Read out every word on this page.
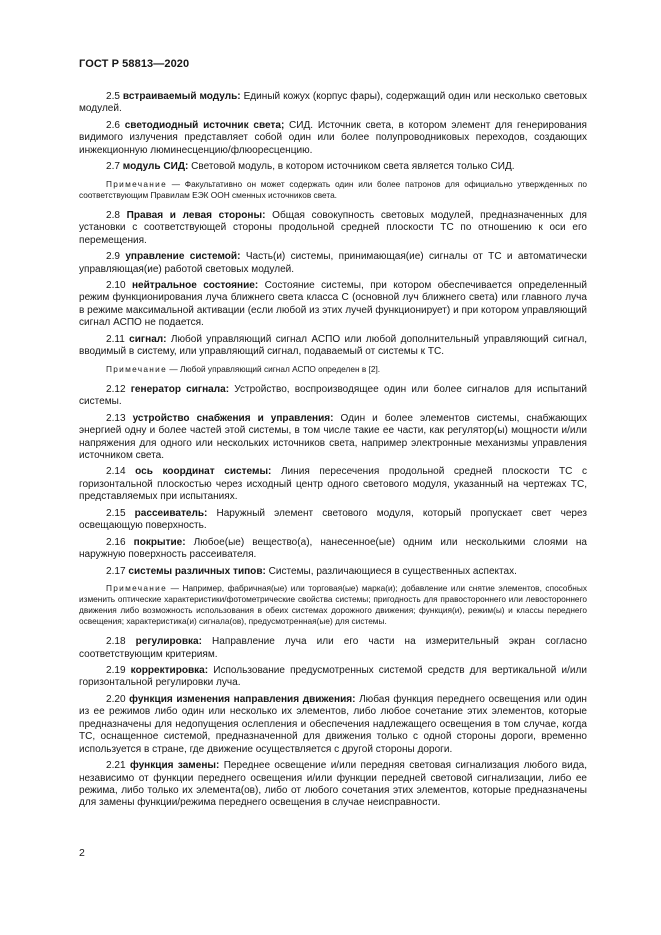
ГОСТ Р 58813—2020

2.5 встраиваемый модуль: Единый кожух (корпус фары), содержащий один или несколько световых модулей.

2.6 светодиодный источник света; СИД. Источник света, в котором элемент для генерирования видимого излучения представляет собой один или более полупроводниковых переходов, создающих инжекционную люминесценцию/флюоресценцию.

2.7 модуль СИД: Световой модуль, в котором источником света является только СИД.

Примечание — Факультативно он может содержать один или более патронов для официально утвержденных по соответствующим Правилам ЕЭК ООН сменных источников света.

2.8 Правая и левая стороны: Общая совокупность световых модулей, предназначенных для установки с соответствующей стороны продольной средней плоскости ТС по отношению к оси его перемещения.

2.9 управление системой: Часть(и) системы, принимающая(ие) сигналы от ТС и автоматически управляющая(ие) работой световых модулей.

2.10 нейтральное состояние: Состояние системы, при котором обеспечивается определенный режим функционирования луча ближнего света класса С (основной луч ближнего света) или главного луча в режиме максимальной активации (если любой из этих лучей функционирует) и при котором управляющий сигнал АСПО не подается.

2.11 сигнал: Любой управляющий сигнал АСПО или любой дополнительный управляющий сигнал, вводимый в систему, или управляющий сигнал, подаваемый от системы к ТС.

Примечание — Любой управляющий сигнал АСПО определен в [2].

2.12 генератор сигнала: Устройство, воспроизводящее один или более сигналов для испытаний системы.

2.13 устройство снабжения и управления: Один и более элементов системы, снабжающих энергией одну и более частей этой системы, в том числе такие ее части, как регулятор(ы) мощности и/или напряжения для одного или нескольких источников света, например электронные механизмы управления источником света.

2.14 ось координат системы: Линия пересечения продольной средней плоскости ТС с горизонтальной плоскостью через исходный центр одного светового модуля, указанный на чертежах ТС, представляемых при испытаниях.

2.15 рассеиватель: Наружный элемент светового модуля, который пропускает свет через освещающую поверхность.

2.16 покрытие: Любое(ые) вещество(а), нанесенное(ые) одним или несколькими слоями на наружную поверхность рассеивателя.

2.17 системы различных типов: Системы, различающиеся в существенных аспектах.

Примечание — Например, фабричная(ые) или торговая(ые) марка(и); добавление или снятие элементов, способных изменить оптические характеристики/фотометрические свойства системы; пригодность для правостороннего или левостороннего движения либо возможность использования в обеих системах дорожного движения; функция(и), режим(ы) и классы переднего освещения; характеристика(и) сигнала(ов), предусмотренная(ые) для системы.

2.18 регулировка: Направление луча или его части на измерительный экран согласно соответствующим критериям.

2.19 корректировка: Использование предусмотренных системой средств для вертикальной и/или горизонтальной регулировки луча.

2.20 функция изменения направления движения: Любая функция переднего освещения или один из ее режимов либо один или несколько их элементов, либо любое сочетание этих элементов, которые предназначены для недопущения ослепления и обеспечения надлежащего освещения в том случае, когда ТС, оснащенное системой, предназначенной для движения только с одной стороны дороги, временно используется в стране, где движение осуществляется с другой стороны дороги.

2.21 функция замены: Переднее освещение и/или передняя световая сигнализация любого вида, независимо от функции переднего освещения и/или функции передней световой сигнализации, либо ее режима, либо только их элемента(ов), либо от любого сочетания этих элементов, которые предназначены для замены функции/режима переднего освещения в случае неисправности.

2
